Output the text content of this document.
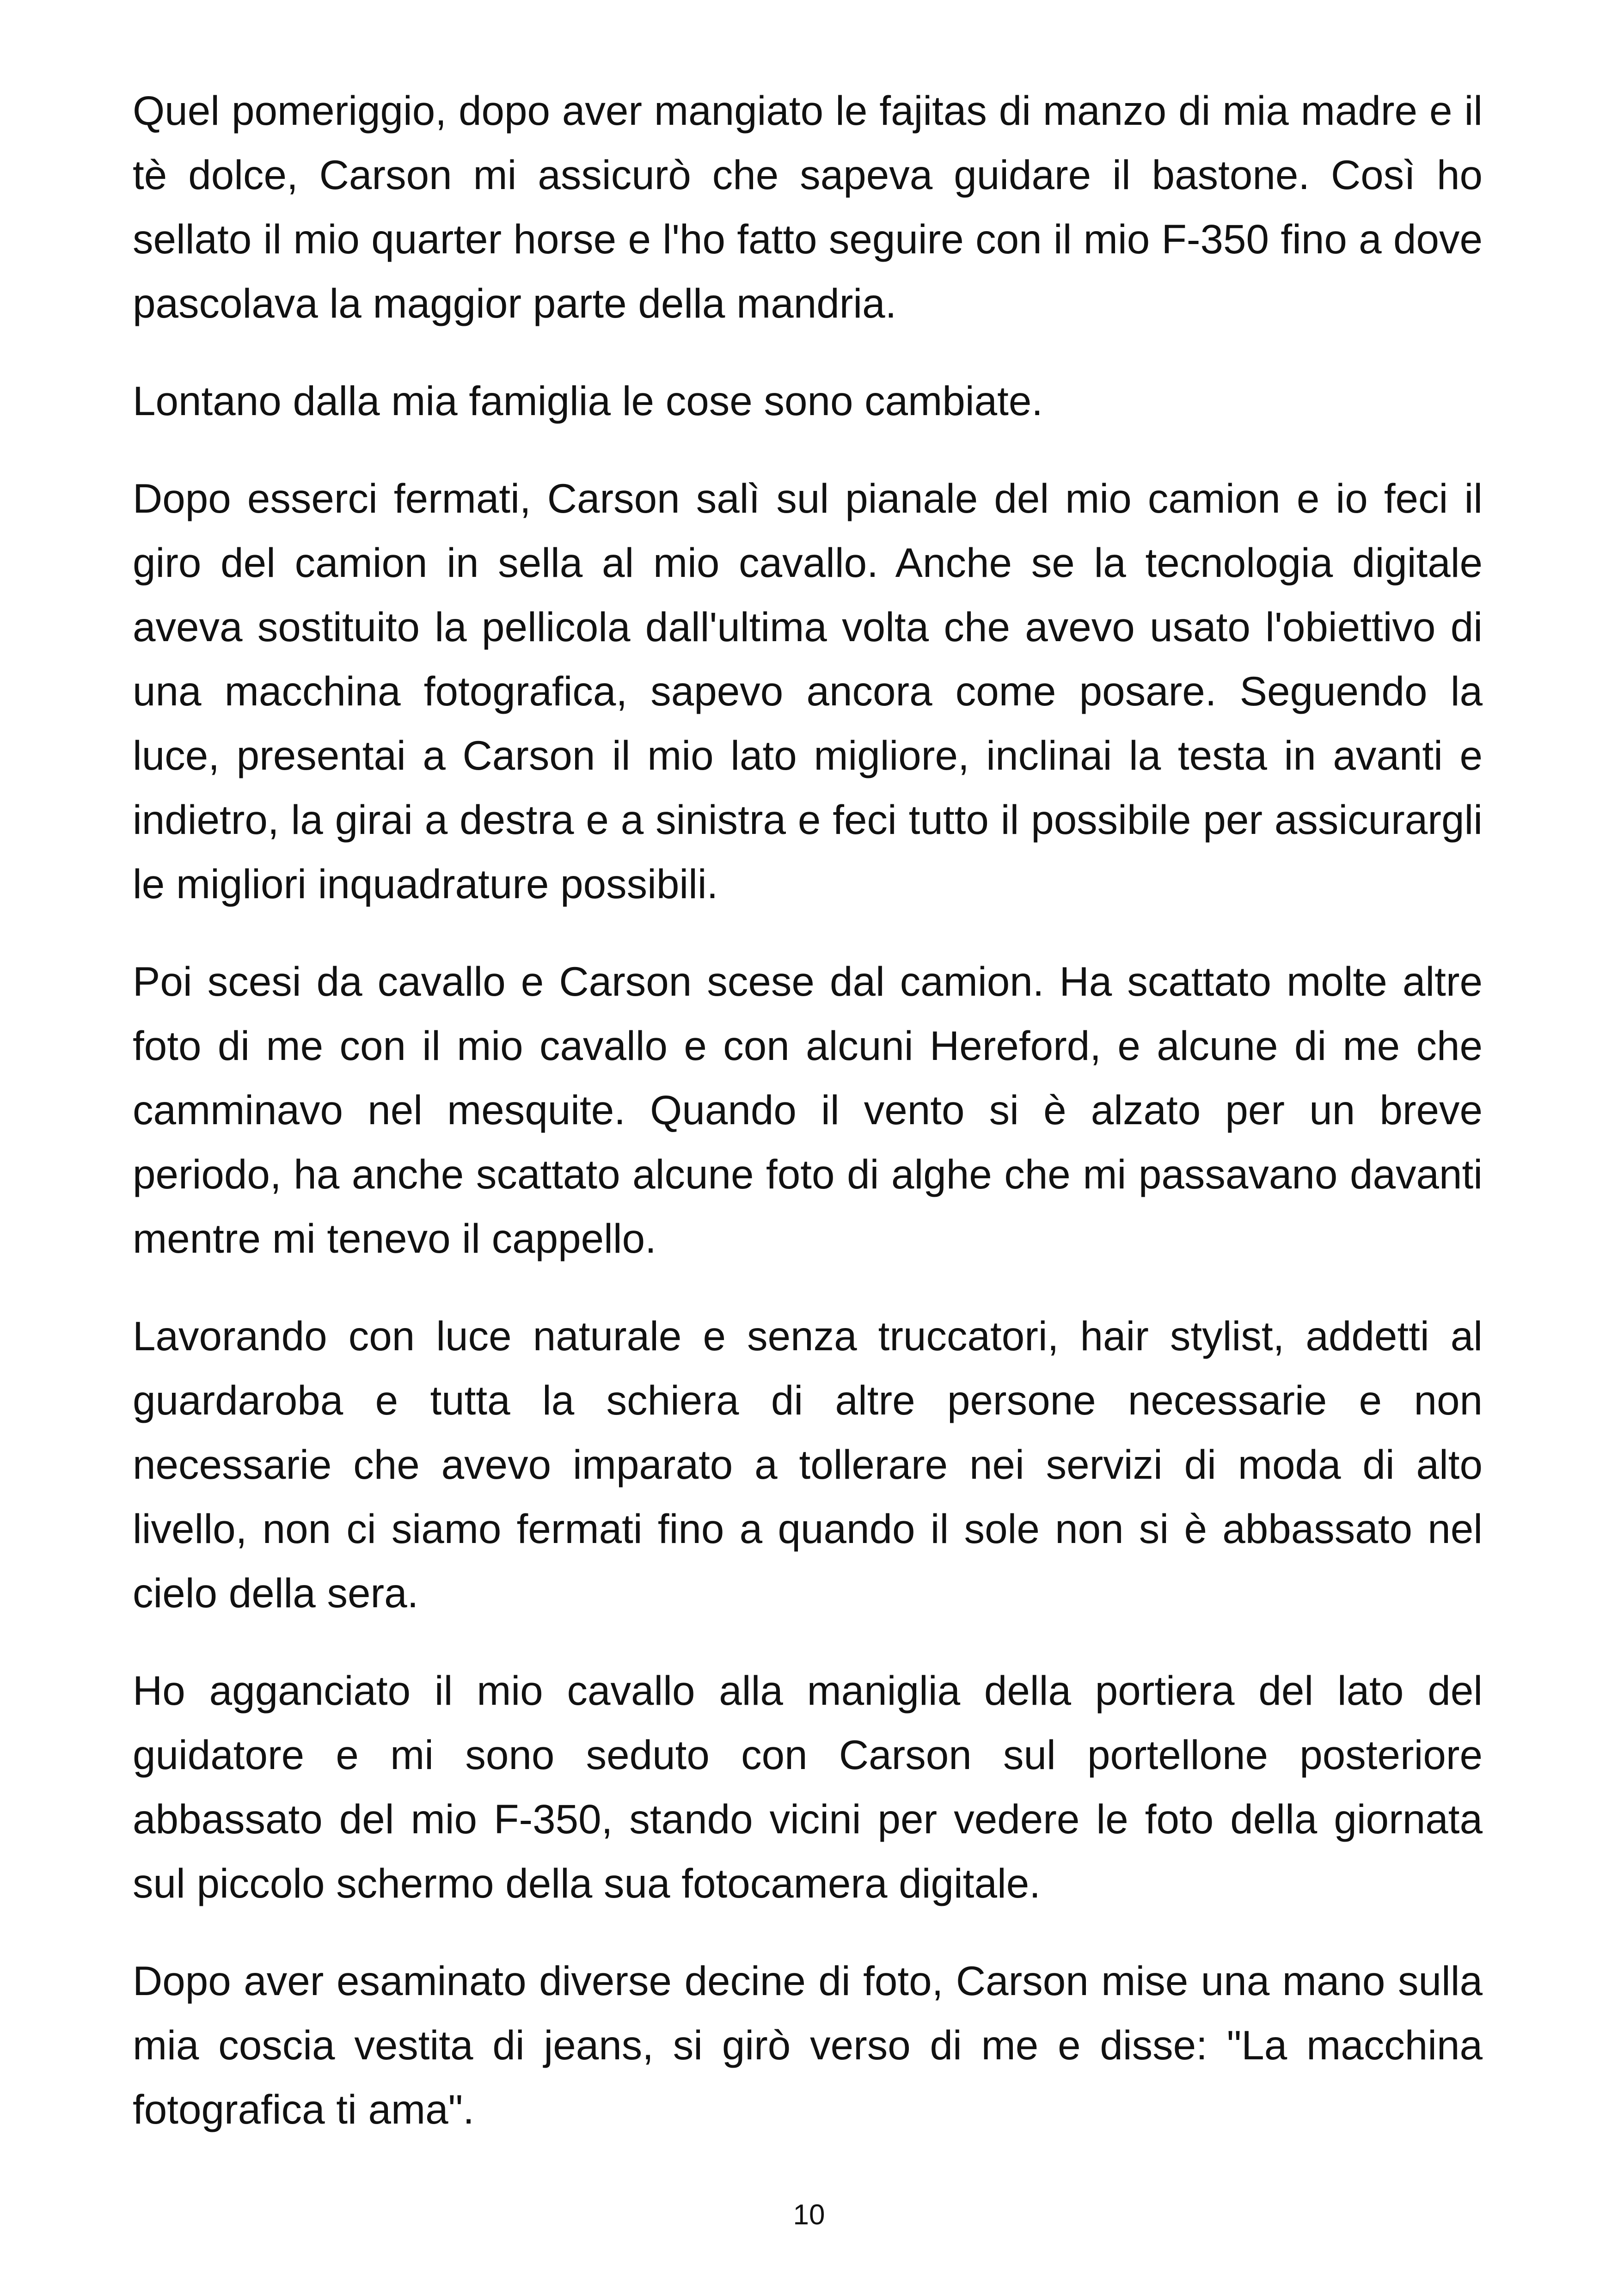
Quel pomeriggio, dopo aver mangiato le fajitas di manzo di mia madre e il tè dolce, Carson mi assicurò che sapeva guidare il bastone. Così ho sellato il mio quarter horse e l'ho fatto seguire con il mio F-350 fino a dove pascolava la maggior parte della mandria.

Lontano dalla mia famiglia le cose sono cambiate.

Dopo esserci fermati, Carson salì sul pianale del mio camion e io feci il giro del camion in sella al mio cavallo. Anche se la tecnologia digitale aveva sostituito la pellicola dall'ultima volta che avevo usato l'obiettivo di una macchina fotografica, sapevo ancora come posare. Seguendo la luce, presentai a Carson il mio lato migliore, inclinai la testa in avanti e indietro, la girai a destra e a sinistra e feci tutto il possibile per assicurargli le migliori inquadrature possibili.

Poi scesi da cavallo e Carson scese dal camion. Ha scattato molte altre foto di me con il mio cavallo e con alcuni Hereford, e alcune di me che camminavo nel mesquite. Quando il vento si è alzato per un breve periodo, ha anche scattato alcune foto di alghe che mi passavano davanti mentre mi tenevo il cappello.

Lavorando con luce naturale e senza truccatori, hair stylist, addetti al guardaroba e tutta la schiera di altre persone necessarie e non necessarie che avevo imparato a tollerare nei servizi di moda di alto livello, non ci siamo fermati fino a quando il sole non si è abbassato nel cielo della sera.

Ho agganciato il mio cavallo alla maniglia della portiera del lato del guidatore e mi sono seduto con Carson sul portellone posteriore abbassato del mio F-350, stando vicini per vedere le foto della giornata sul piccolo schermo della sua fotocamera digitale.

Dopo aver esaminato diverse decine di foto, Carson mise una mano sulla mia coscia vestita di jeans, si girò verso di me e disse: "La macchina fotografica ti ama".

10
